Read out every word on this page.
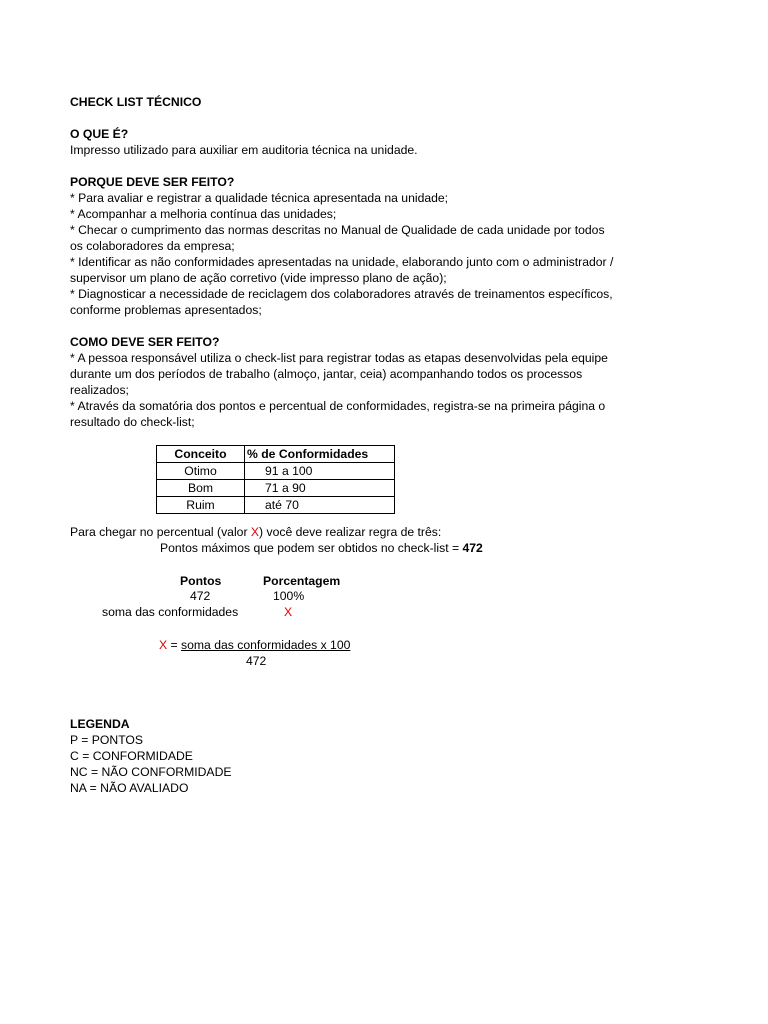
CHECK LIST TÉCNICO

O QUE É?

Impresso utilizado para auxiliar em auditoria técnica na unidade.

PORQUE DEVE SER FEITO?

* Para avaliar e registrar a qualidade técnica apresentada na unidade;
* Acompanhar a melhoria contínua das unidades;
* Checar o cumprimento das normas descritas no Manual de Qualidade de cada unidade por todos
os colaboradores da empresa;
* Identificar as não conformidades apresentadas na unidade, elaborando junto com o administrador /
supervisor um plano de ação corretivo (vide impresso plano de ação);
* Diagnosticar a necessidade de reciclagem dos colaboradores através de treinamentos específicos,
conforme problemas apresentados;

COMO DEVE SER FEITO?

* A pessoa responsável utiliza o check-list para registrar todas as etapas desenvolvidas pela equipe
durante um dos períodos de trabalho (almoço, jantar, ceia) acompanhando todos os processos
realizados;
* Através da somatória dos pontos e percentual de conformidades, registra-se na primeira página o
resultado do check-list;

Conceito	% de Conformidades
Otimo	91 a 100
Bom	71 a 90
Ruim	até 70
Para chegar no percentual (valor X) você deve realizar regra de três:
Pontos máximos que podem ser obtidos no check-list = 472
Pontos	Porcentagem
472	100%
soma das conformidades	X
X = soma das conformidades x 100
472
LEGENDA
P = PONTOS
C = CONFORMIDADE
NC = NÃO CONFORMIDADE
NA = NÃO AVALIADO
